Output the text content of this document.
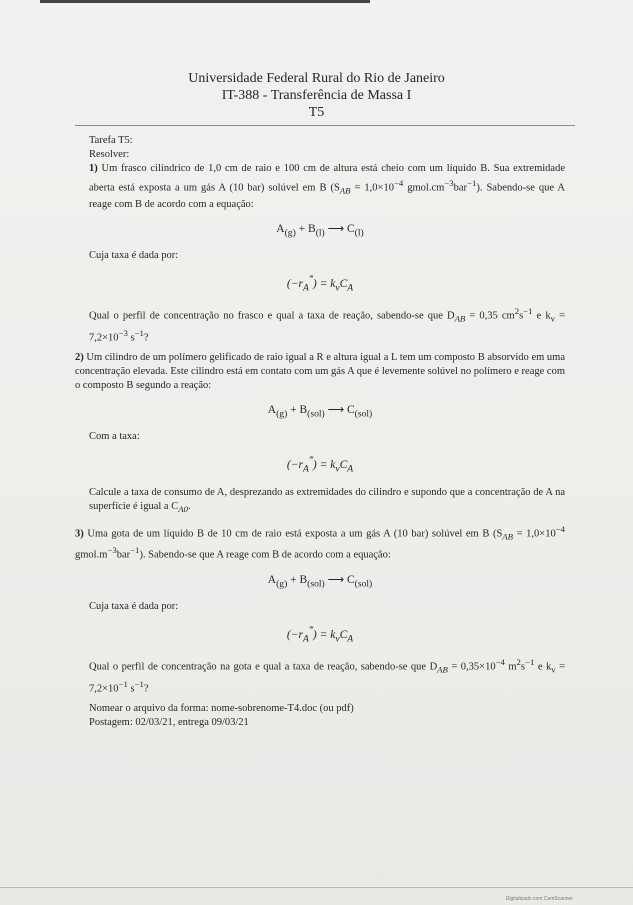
Universidade Federal Rural do Rio de Janeiro
IT-388 - Transferência de Massa I
T5

Tarefa T5:

Resolver:

1) Um frasco cilíndrico de 1,0 cm de raio e 100 cm de altura está cheio com um líquido B. Sua extremidade aberta está exposta a um gás A (10 bar) solúvel em B ($S_{AB} = 1,0\times 10^{-4}$ $gmol.cm^{-3}bar^{-1}$). Sabendo-se que A reage com B de acordo com a equação:

$A_{(g)} + B_{(l)}$ ⟶ $C_{(l)}$

Cuja taxa é dada por:

$(-r_A^‴) = k_vC_A$

Qual o perfil de concentração no frasco e qual a taxa de reação, sabendo-se que $D_{AB} = 0,35$ $cm^2s^{-1}$ e $k_v = 7,2\times 10^{-3}$ $s^{-1}$?

2) Um cilindro de um polímero gelificado de raio igual a R e altura igual a L tem um composto B absorvido em uma concentração elevada. Este cilindro está em contato com um gás A que é levemente solúvel no polímero e reage com o composto B segundo a reação:

$A_{(g)} + B_{(sol)}$ ⟶ $C_{(sol)}$

Com a taxa:

$(-r_A^‴) = k_vC_A$

Calcule a taxa de consumo de A, desprezando as extremidades do cilindro e supondo que a concentração de A na superfície é igual a $C_{A0}$.

3) Uma gota de um líquido B de 10 cm de raio está exposta a um gás A (10 bar) solúvel em B ($S_{AB} = 1,0\times 10^{-4}$ $gmol.m^{-3}bar^{-1}$). Sabendo-se que A reage com B de acordo com a equação:

$A_{(g)} + B_{(sol)}$ ⟶ $C_{(sol)}$

Cuja taxa é dada por:

$(-r_A^‴) = k_vC_A$

Qual o perfil de concentração na gota e qual a taxa de reação, sabendo-se que $D_{AB} = 0,35\times 10^{-4}$ $m^2s^{-1}$ e $k_v = 7,2\times 10^{-1}$ $s^{-1}$?

Nomear o arquivo da forma: nome-sobrenome-T4.doc (ou pdf)

Postagem: 02/03/21, entrega 09/03/21

Digitalizado com CamScanner
